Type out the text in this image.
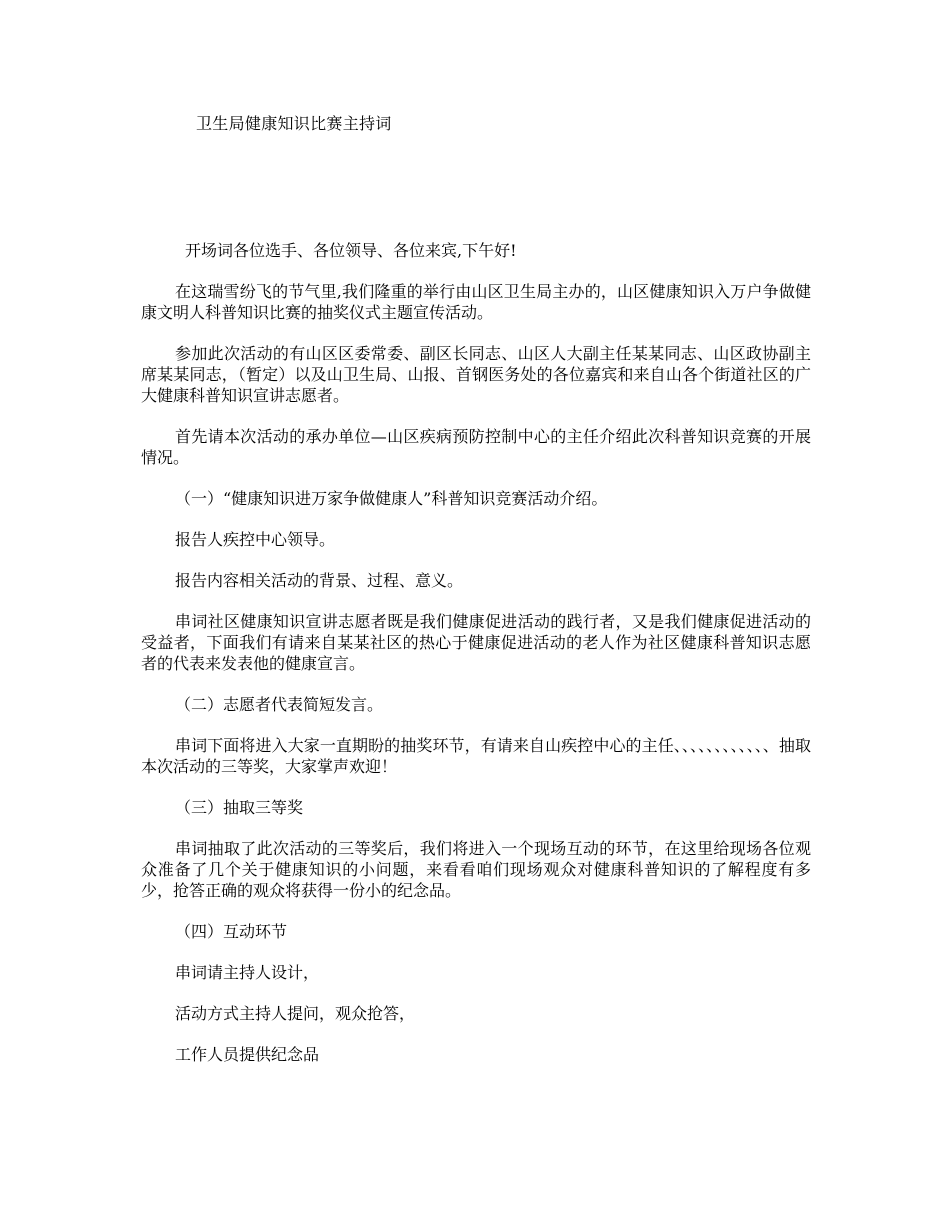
卫生局健康知识比赛主持词

开场词各位选手、各位领导、各位来宾,下午好!

在这瑞雪纷飞的节气里,我们隆重的举行由山区卫生局主办的，山区健康知识入万户争做健康文明人科普知识比赛的抽奖仪式主题宣传活动。

参加此次活动的有山区区委常委、副区长同志、山区人大副主任某某同志、山区政协副主席某某同志，（暂定）以及山卫生局、山报、首钢医务处的各位嘉宾和来自山各个街道社区的广大健康科普知识宣讲志愿者。

首先请本次活动的承办单位—山区疾病预防控制中心的主任介绍此次科普知识竞赛的开展情况。

（一）“健康知识进万家争做健康人”科普知识竞赛活动介绍。

报告人疾控中心领导。

报告内容相关活动的背景、过程、意义。

串词社区健康知识宣讲志愿者既是我们健康促进活动的践行者，又是我们健康促进活动的受益者，下面我们有请来自某某社区的热心于健康促进活动的老人作为社区健康科普知识志愿者的代表来发表他的健康宣言。

（二）志愿者代表简短发言。

串词下面将进入大家一直期盼的抽奖环节，有请来自山疾控中心的主任、、、、、、、、、、、、抽取本次活动的三等奖，大家掌声欢迎！

（三）抽取三等奖

串词抽取了此次活动的三等奖后，我们将进入一个现场互动的环节，在这里给现场各位观众准备了几个关于健康知识的小问题，来看看咱们现场观众对健康科普知识的了解程度有多少，抢答正确的观众将获得一份小的纪念品。

（四）互动环节

串词请主持人设计，

活动方式主持人提问，观众抢答，

工作人员提供纪念品
